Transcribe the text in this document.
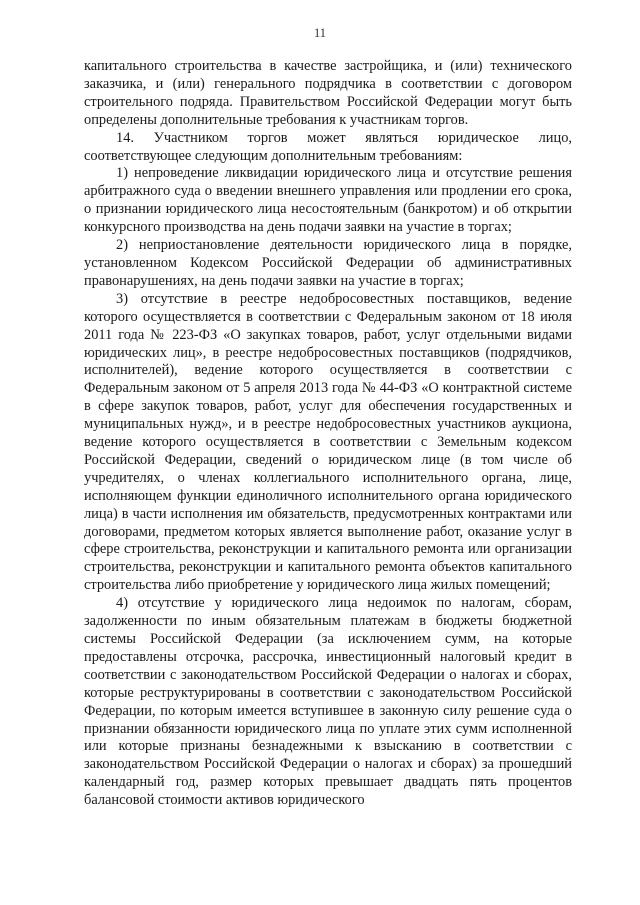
11

капитального строительства в качестве застройщика, и (или) технического заказчика, и (или) генерального подрядчика в соответствии с договором строительного подряда. Правительством Российской Федерации могут быть определены дополнительные требования к участникам торгов.

14. Участником торгов может являться юридическое лицо, соответствующее следующим дополнительным требованиям:

1) непроведение ликвидации юридического лица и отсутствие решения арбитражного суда о введении внешнего управления или продлении его срока, о признании юридического лица несостоятельным (банкротом) и об открытии конкурсного производства на день подачи заявки на участие в торгах;

2) неприостановление деятельности юридического лица в порядке, установленном Кодексом Российской Федерации об административных правонарушениях, на день подачи заявки на участие в торгах;

3) отсутствие в реестре недобросовестных поставщиков, ведение которого осуществляется в соответствии с Федеральным законом от 18 июля 2011 года № 223-ФЗ «О закупках товаров, работ, услуг отдельными видами юридических лиц», в реестре недобросовестных поставщиков (подрядчиков, исполнителей), ведение которого осуществляется в соответствии с Федеральным законом от 5 апреля 2013 года № 44-ФЗ «О контрактной системе в сфере закупок товаров, работ, услуг для обеспечения государственных и муниципальных нужд», и в реестре недобросовестных участников аукциона, ведение которого осуществляется в соответствии с Земельным кодексом Российской Федерации, сведений о юридическом лице (в том числе об учредителях, о членах коллегиального исполнительного органа, лице, исполняющем функции единоличного исполнительного органа юридического лица) в части исполнения им обязательств, предусмотренных контрактами или договорами, предметом которых является выполнение работ, оказание услуг в сфере строительства, реконструкции и капитального ремонта или организации строительства, реконструкции и капитального ремонта объектов капитального строительства либо приобретение у юридического лица жилых помещений;

4) отсутствие у юридического лица недоимок по налогам, сборам, задолженности по иным обязательным платежам в бюджеты бюджетной системы Российской Федерации (за исключением сумм, на которые предоставлены отсрочка, рассрочка, инвестиционный налоговый кредит в соответствии с законодательством Российской Федерации о налогах и сборах, которые реструктурированы в соответствии с законодательством Российской Федерации, по которым имеется вступившее в законную силу решение суда о признании обязанности юридического лица по уплате этих сумм исполненной или которые признаны безнадежными к взысканию в соответствии с законодательством Российской Федерации о налогах и сборах) за прошедший календарный год, размер которых превышает двадцать пять процентов балансовой стоимости активов юридического
